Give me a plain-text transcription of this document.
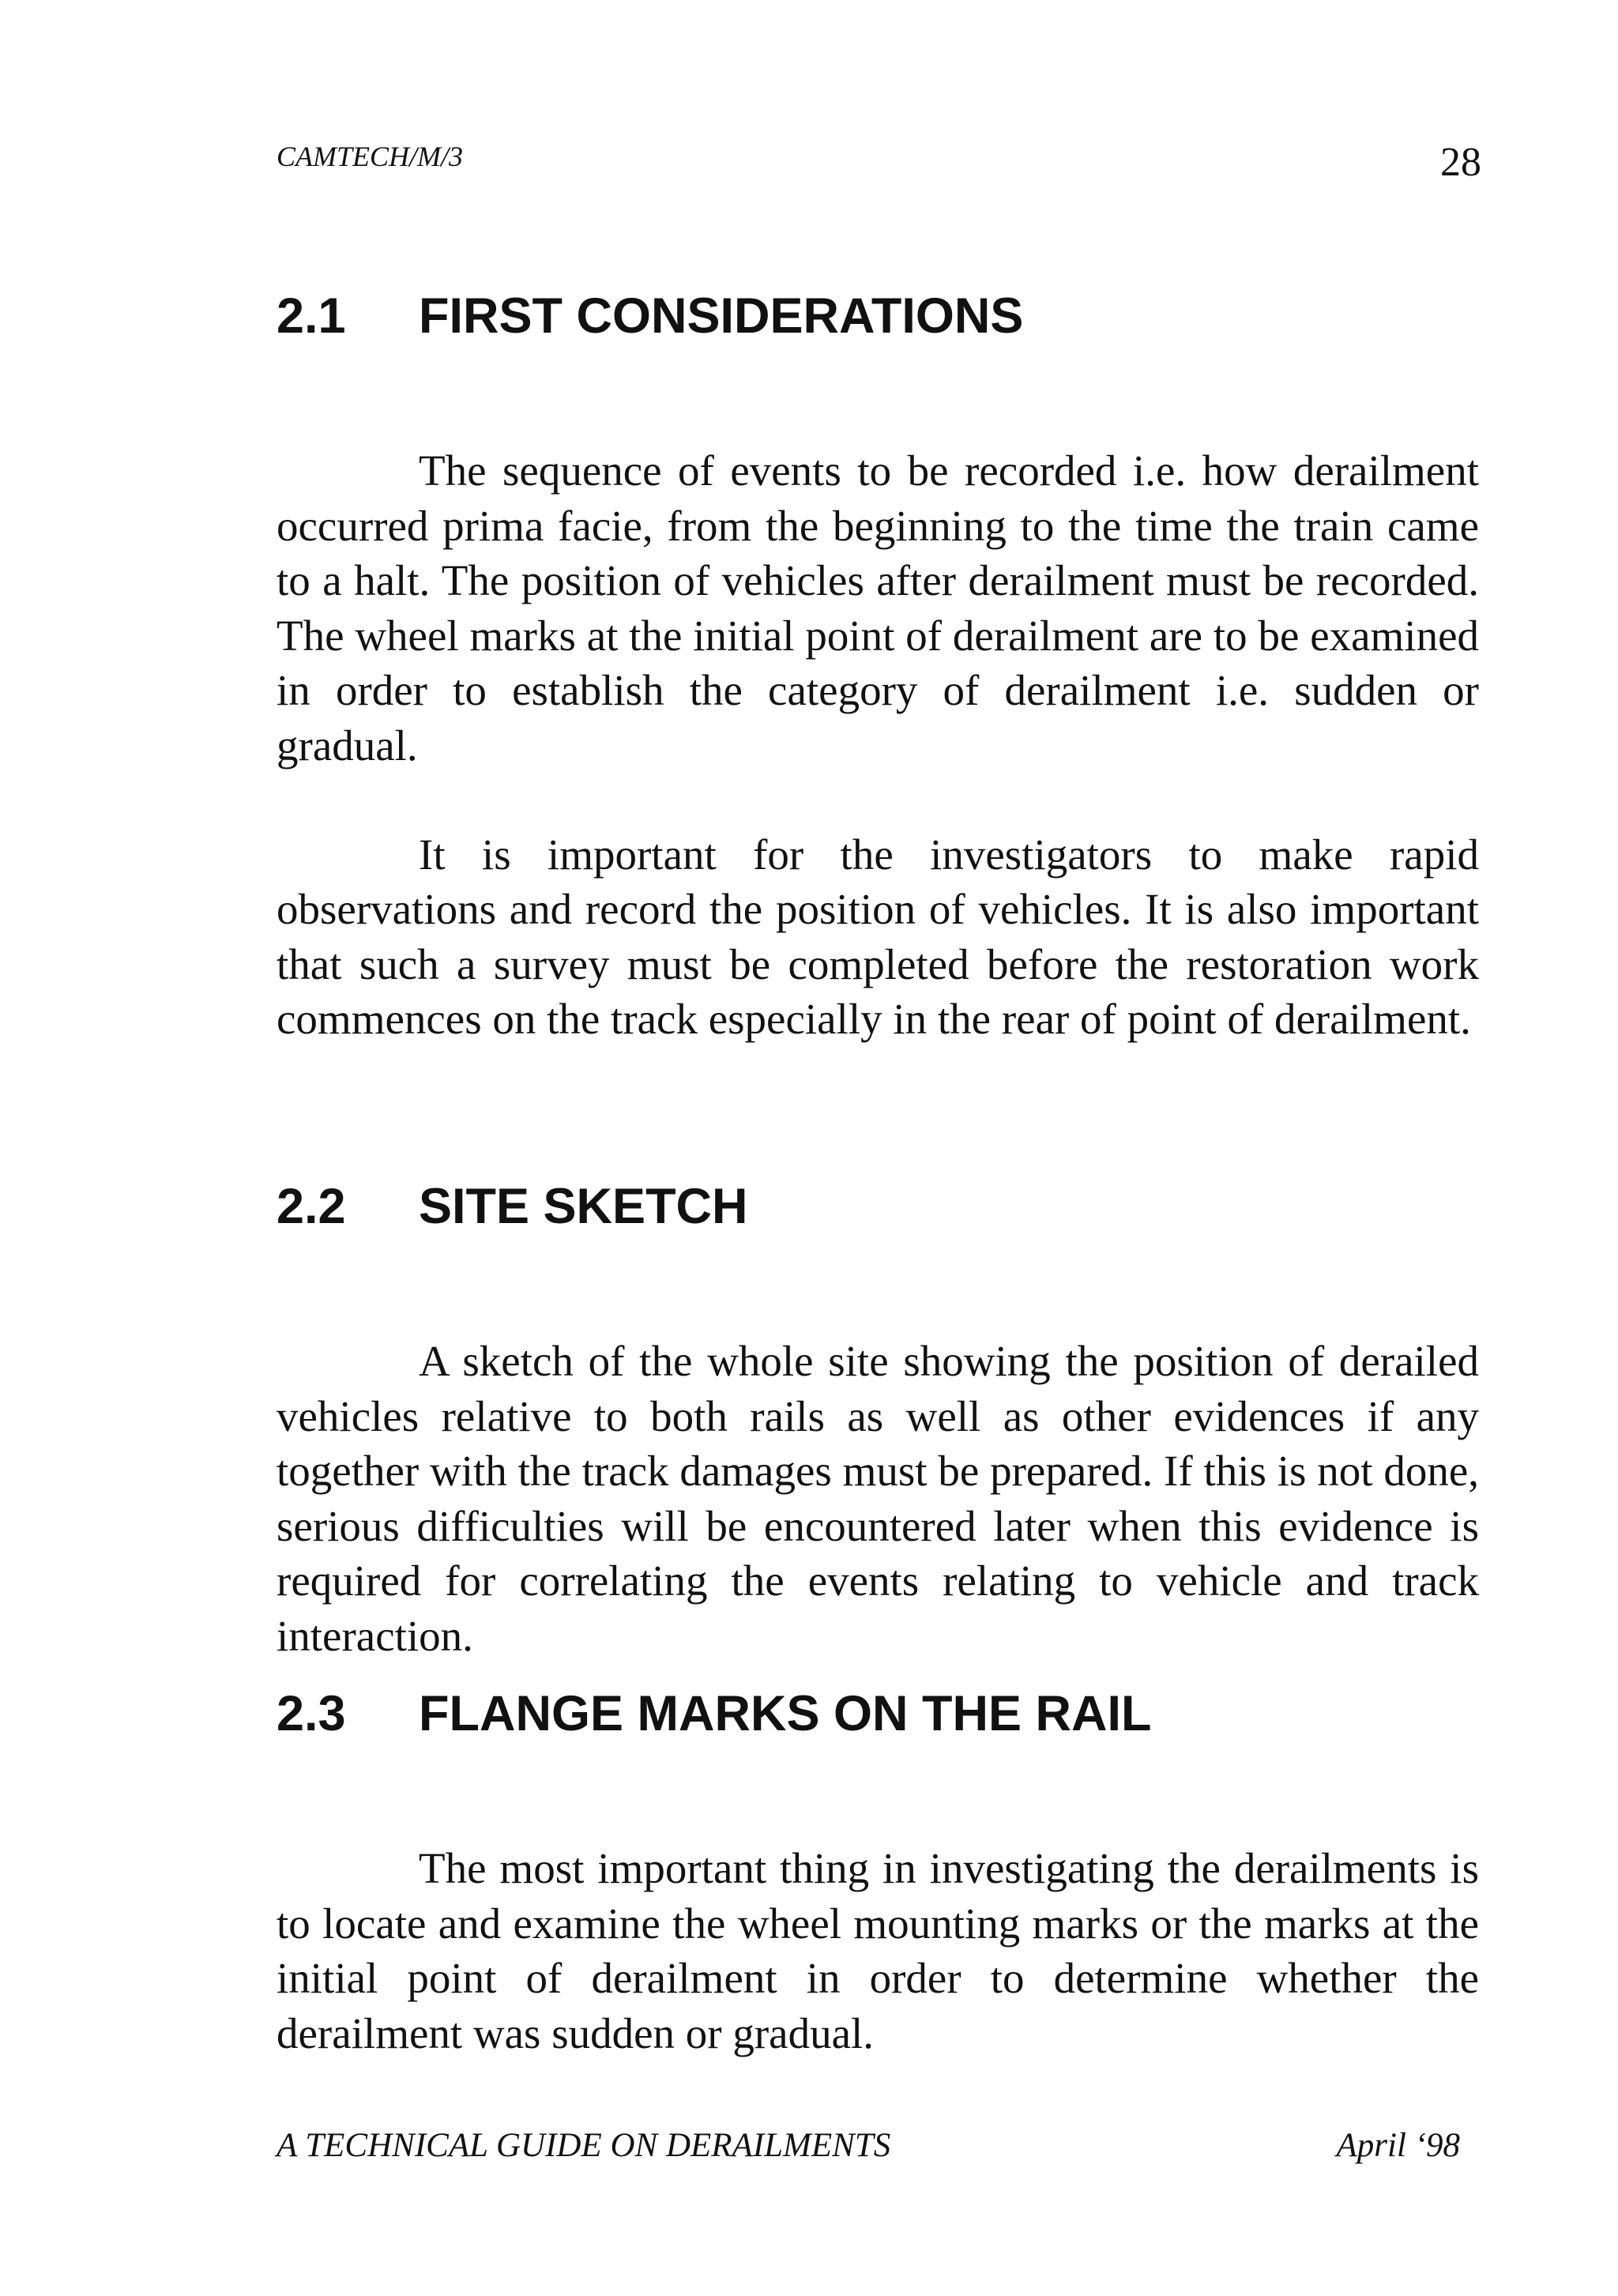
CAMTECH/M/3	28
2.1 FIRST CONSIDERATIONS

The sequence of events to be recorded i.e. how derailment occurred prima facie, from the beginning to the time the train came to a halt. The position of vehicles after derailment must be recorded. The wheel marks at the initial point of derailment are to be examined in order to establish the category of derailment i.e. sudden or gradual.

It is important for the investigators to make rapid observations and record the position of vehicles. It is also important that such a survey must be completed before the restoration work commences on the track especially in the rear of point of derailment.

2.2 SITE SKETCH

A sketch of the whole site showing the position of derailed vehicles relative to both rails as well as other evidences if any together with the track damages must be prepared. If this is not done, serious difficulties will be encountered later when this evidence is required for correlating the events relating to vehicle and track interaction.

2.3 FLANGE MARKS ON THE RAIL

The most important thing in investigating the derailments is to locate and examine the wheel mounting marks or the marks at the initial point of derailment in order to determine whether the derailment was sudden or gradual.

A TECHNICAL GUIDE ON DERAILMENTS	April ‘98
